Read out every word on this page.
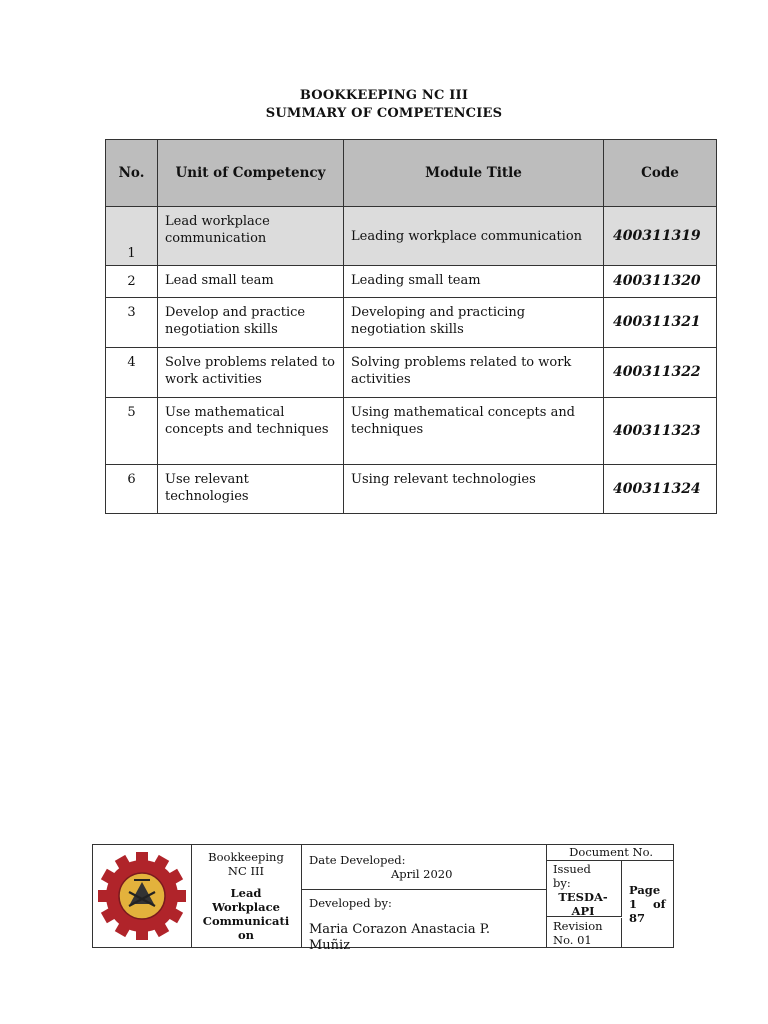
BOOKKEEPING NC III
SUMMARY OF COMPETENCIES
No.	Unit of Competency	Module Title	Code
1	Lead workplace communication	Leading workplace communication	400311319
2	Lead small team	Leading small team	400311320
3	Develop and practice negotiation skills	Developing and practicing negotiation skills	400311321
4	Solve problems related to work activities	Solving problems related to work activities	400311322
5	Use mathematical concepts and techniques	Using mathematical concepts and techniques	400311323
6	Use relevant technologies	Using relevant technologies	400311324
Bookkeeping
NC III
Lead
Workplace
Communicati
on
Date Developed:
April 2020
Developed by:
Maria Corazon Anastacia P.
Muñiz
Document No.
Issued
by:
TESDA-
API
Revision
No. 01
Page
1    of
87
